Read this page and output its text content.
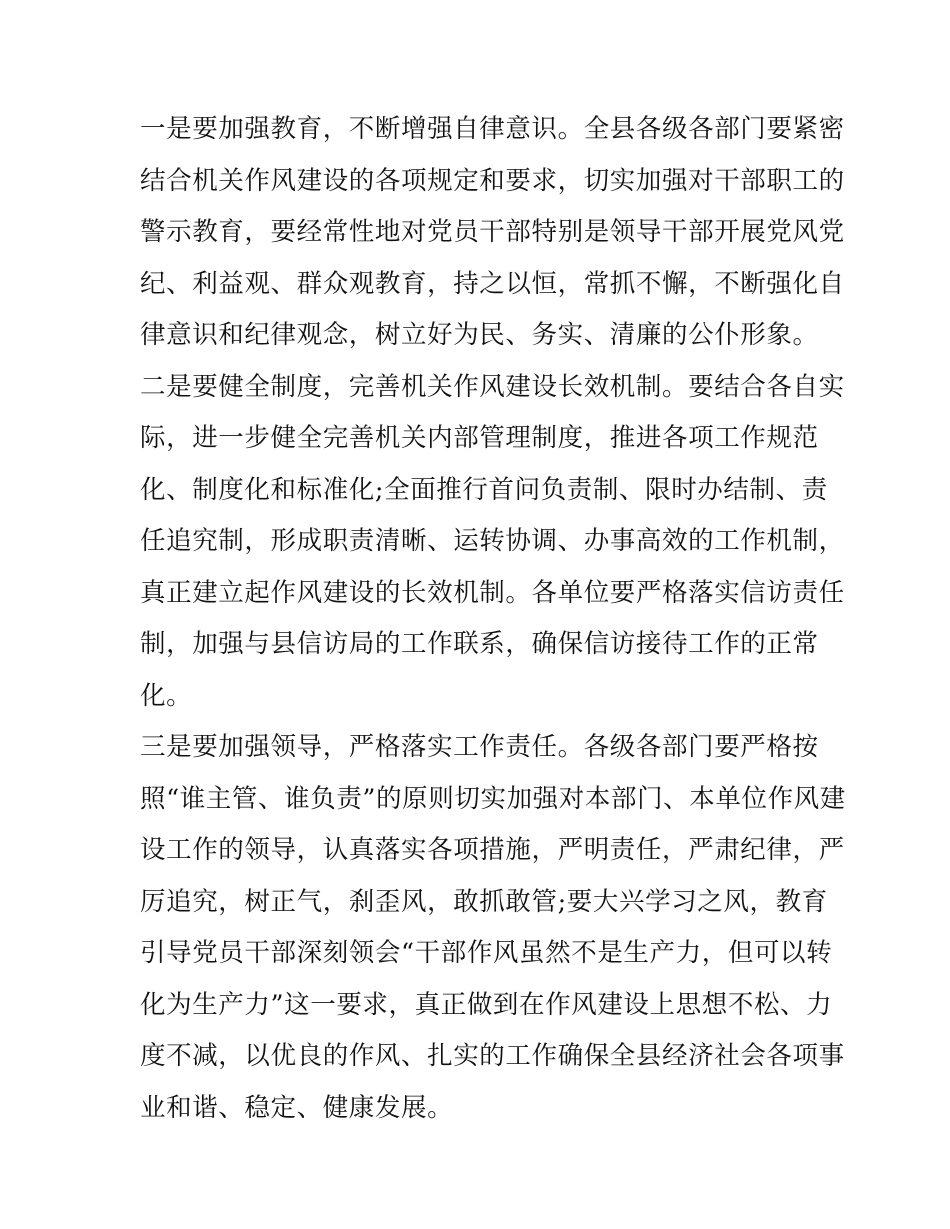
一是要加强教育，不断增强自律意识。全县各级各部门要紧密
结合机关作风建设的各项规定和要求，切实加强对干部职工的
警示教育，要经常性地对党员干部特别是领导干部开展党风党
纪、利益观、群众观教育，持之以恒，常抓不懈，不断强化自
律意识和纪律观念，树立好为民、务实、清廉的公仆形象。

二是要健全制度，完善机关作风建设长效机制。要结合各自实
际，进一步健全完善机关内部管理制度，推进各项工作规范
化、制度化和标准化;全面推行首问负责制、限时办结制、责
任追究制，形成职责清晰、运转协调、办事高效的工作机制，
真正建立起作风建设的长效机制。各单位要严格落实信访责任
制，加强与县信访局的工作联系，确保信访接待工作的正常
化。

三是要加强领导，严格落实工作责任。各级各部门要严格按
照“谁主管、谁负责”的原则切实加强对本部门、本单位作风建
设工作的领导，认真落实各项措施，严明责任，严肃纪律，严
厉追究，树正气，刹歪风，敢抓敢管;要大兴学习之风，教育
引导党员干部深刻领会“干部作风虽然不是生产力，但可以转
化为生产力”这一要求，真正做到在作风建设上思想不松、力
度不减，以优良的作风、扎实的工作确保全县经济社会各项事
业和谐、稳定、健康发展。
